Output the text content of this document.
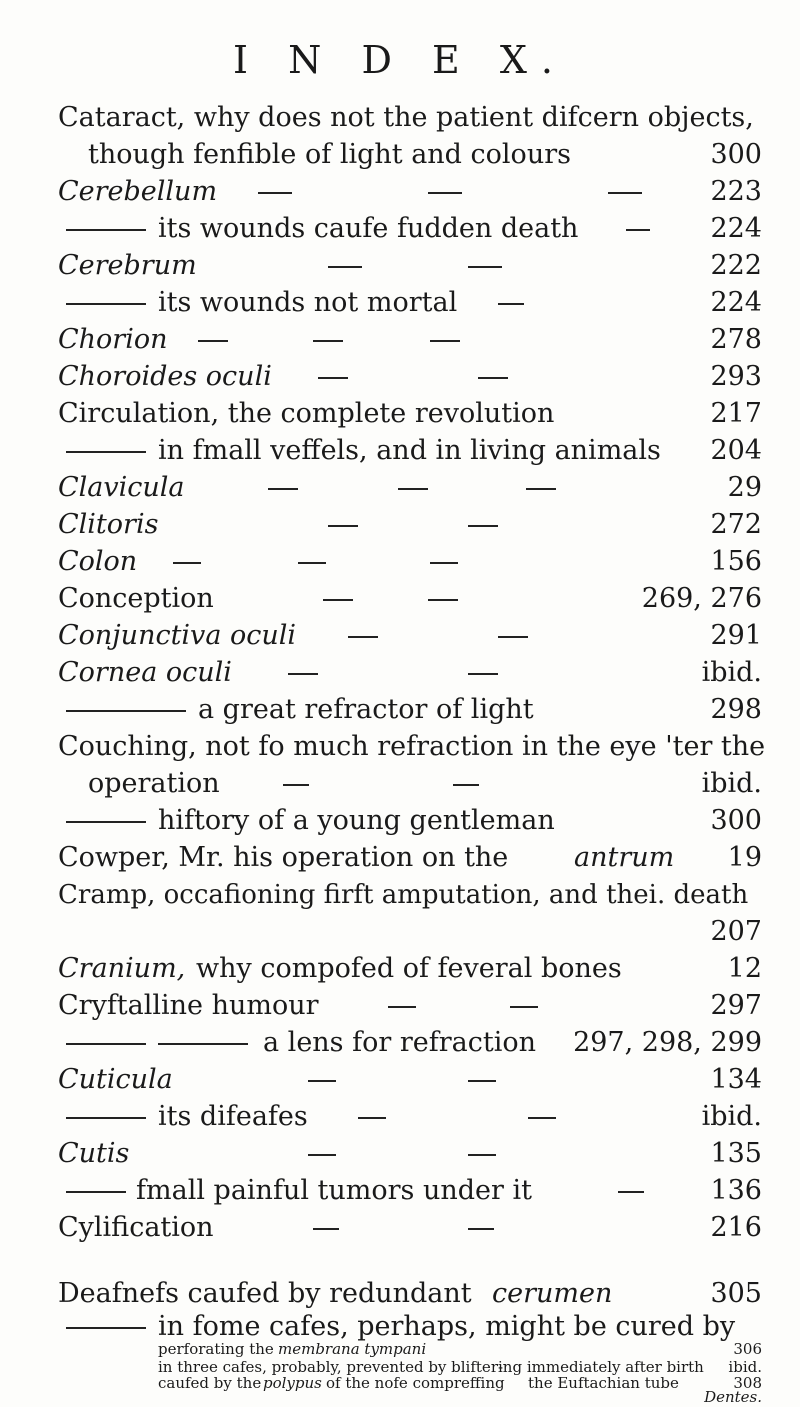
I N D E X.
Cataract, why does not the patient difcern objects,
though fenfible of light and colours	300
Cerebellum	223
its wounds caufe fudden death	224
Cerebrum	222
its wounds not mortal	224
Chorion	278
Choroides oculi	293
Circulation, the complete revolution	217
in fmall veffels, and in living animals 204
Clavicula	29
Clitoris	272
Colon	156
Conception	269, 276
Conjunctiva oculi	291
Cornea oculi	ibid.
a great refractor of light	298
Couching, not fo much refraction in the eye 'ter the
operation	ibid.
hiftory of a young gentleman	300
Cowper, Mr. his operation on the antrum 19
Cramp, occafioning firft amputation, and thei. death
207
Cranium, why compofed of feveral bones	12
Cryftalline humour	297
a lens for refraction 297, 298, 299
Cuticula	134
its difeafes	ibid.
Cutis	135
fmall painful tumors under it	136
Cylification	216
Deafnefs caufed by redundant cerumen	305
in fome cafes, perhaps, might be cured by
perforating the membrana tympani	306
in three cafes, probably, prevented by blifter-
ing immediately after birth ibid.
caufed by the polypus of the nofe compreffing the Euftachian tube	308
Dentes.
